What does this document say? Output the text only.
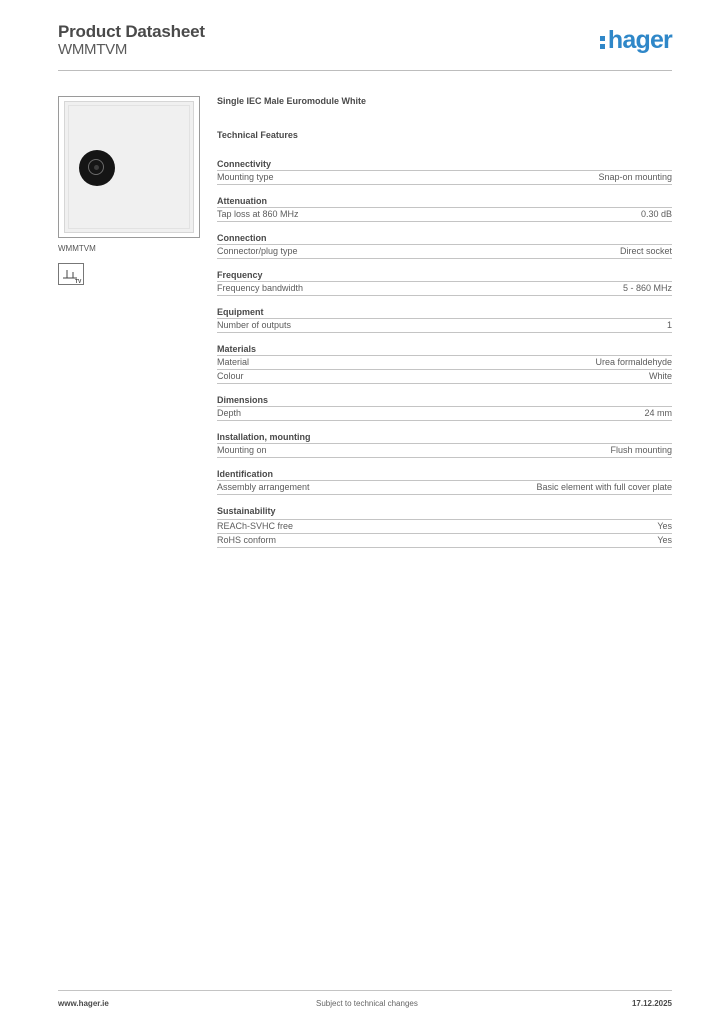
Product Datasheet
WMMTVM	hager
WMMTVM
TV
Single IEC Male Euromodule White
Technical Features
Connectivity
Mounting type	Snap-on mounting
Attenuation
Tap loss at 860 MHz	0.30 dB
Connection
Connector/plug type	Direct socket
Frequency
Frequency bandwidth	5 - 860 MHz
Equipment
Number of outputs	1
Materials
Material	Urea formaldehyde
Colour	White
Dimensions
Depth	24 mm
Installation, mounting
Mounting on	Flush mounting
Identification
Assembly arrangement	Basic element with full cover plate
Sustainability
REACh-SVHC free	Yes
RoHS conform	Yes
www.hager.ie	Subject to technical changes	17.12.2025
